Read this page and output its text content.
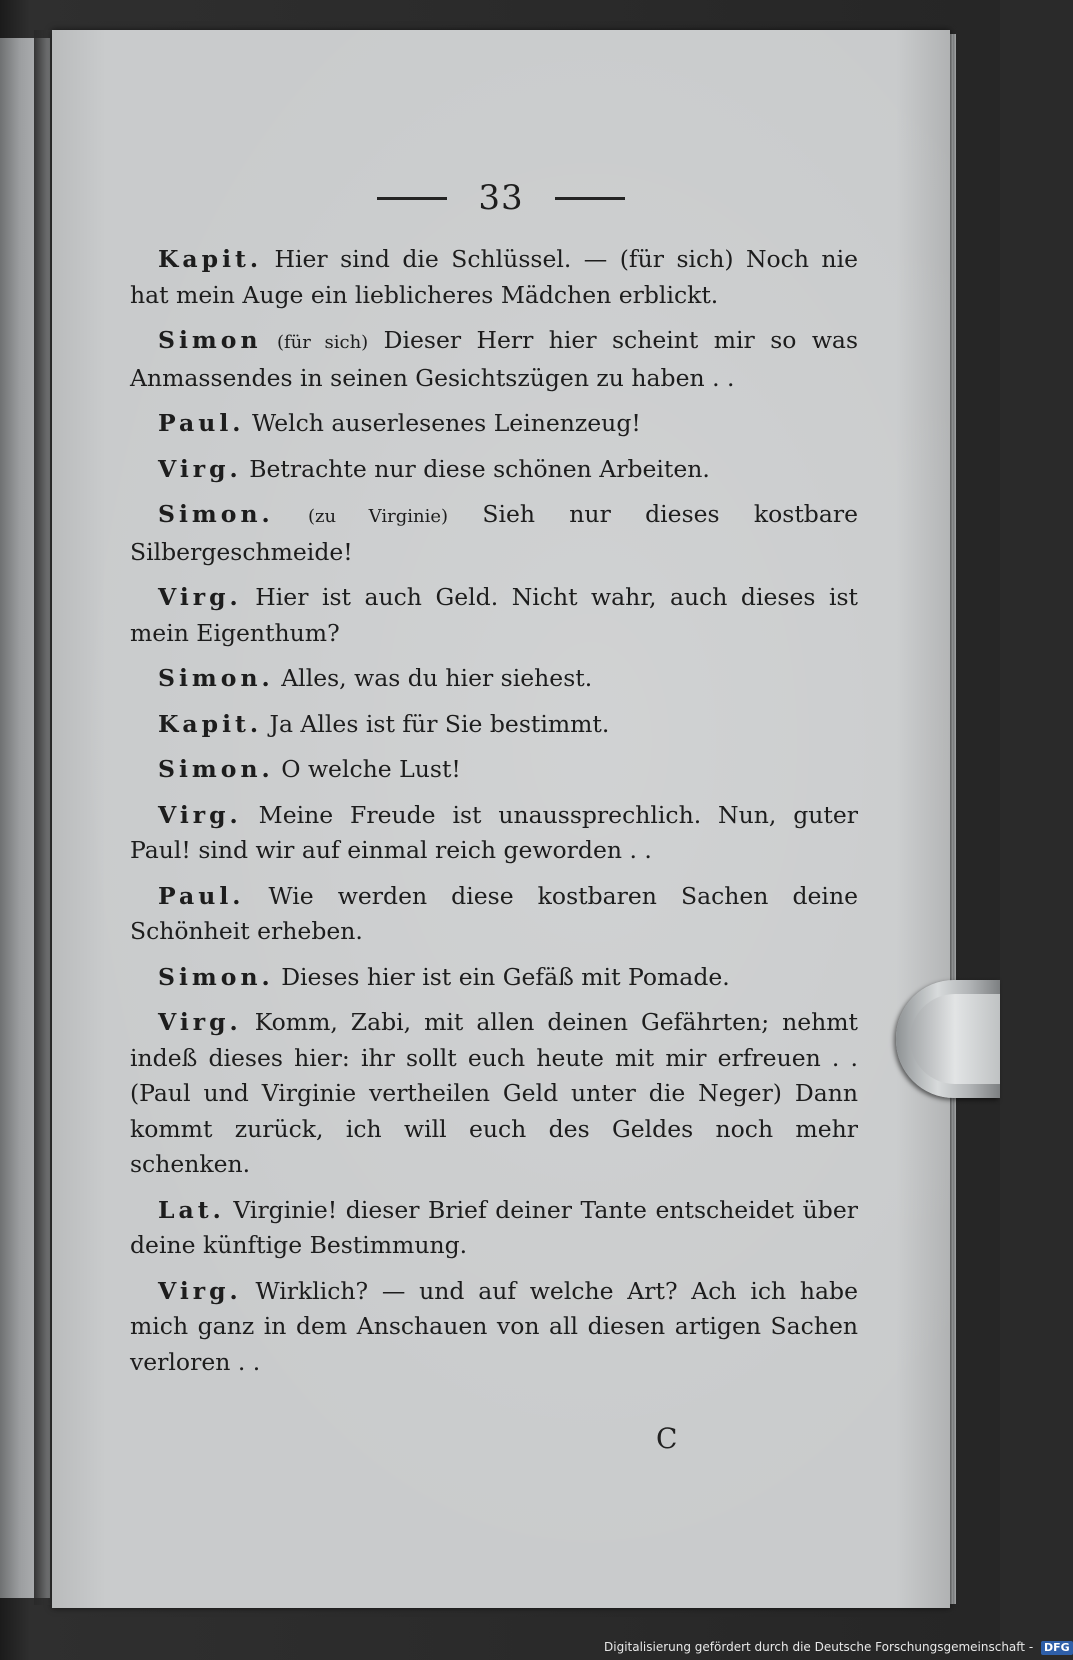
33

Kapit. Hier sind die Schlüssel. — (für sich) Noch nie hat mein Auge ein lieblicheres Mädchen erblickt.

Simon (für sich) Dieser Herr hier scheint mir so was Anmassendes in seinen Gesichtszügen zu haben . .

Paul. Welch auserlesenes Leinenzeug!

Virg. Betrachte nur diese schönen Arbeiten.

Simon. (zu Virginie) Sieh nur dieses kostbare Silbergeschmeide!

Virg. Hier ist auch Geld. Nicht wahr, auch dieses ist mein Eigenthum?

Simon. Alles, was du hier siehest.

Kapit. Ja Alles ist für Sie bestimmt.

Simon. O welche Lust!

Virg. Meine Freude ist unaussprechlich. Nun, guter Paul! sind wir auf einmal reich geworden . .

Paul. Wie werden diese kostbaren Sachen deine Schönheit erheben.

Simon. Dieses hier ist ein Gefäß mit Pomade.

Virg. Komm, Zabi, mit allen deinen Gefährten; nehmt indeß dieses hier: ihr sollt euch heute mit mir erfreuen . . (Paul und Virginie vertheilen Geld unter die Neger) Dann kommt zurück, ich will euch des Geldes noch mehr schenken.

Lat. Virginie! dieser Brief deiner Tante entscheidet über deine künftige Bestimmung.

Virg. Wirklich? — und auf welche Art? Ach ich habe mich ganz in dem Anschauen von all diesen artigen Sachen verloren . .

C
Digitalisierung gefördert durch die Deutsche Forschungsgemeinschaft - DFG
